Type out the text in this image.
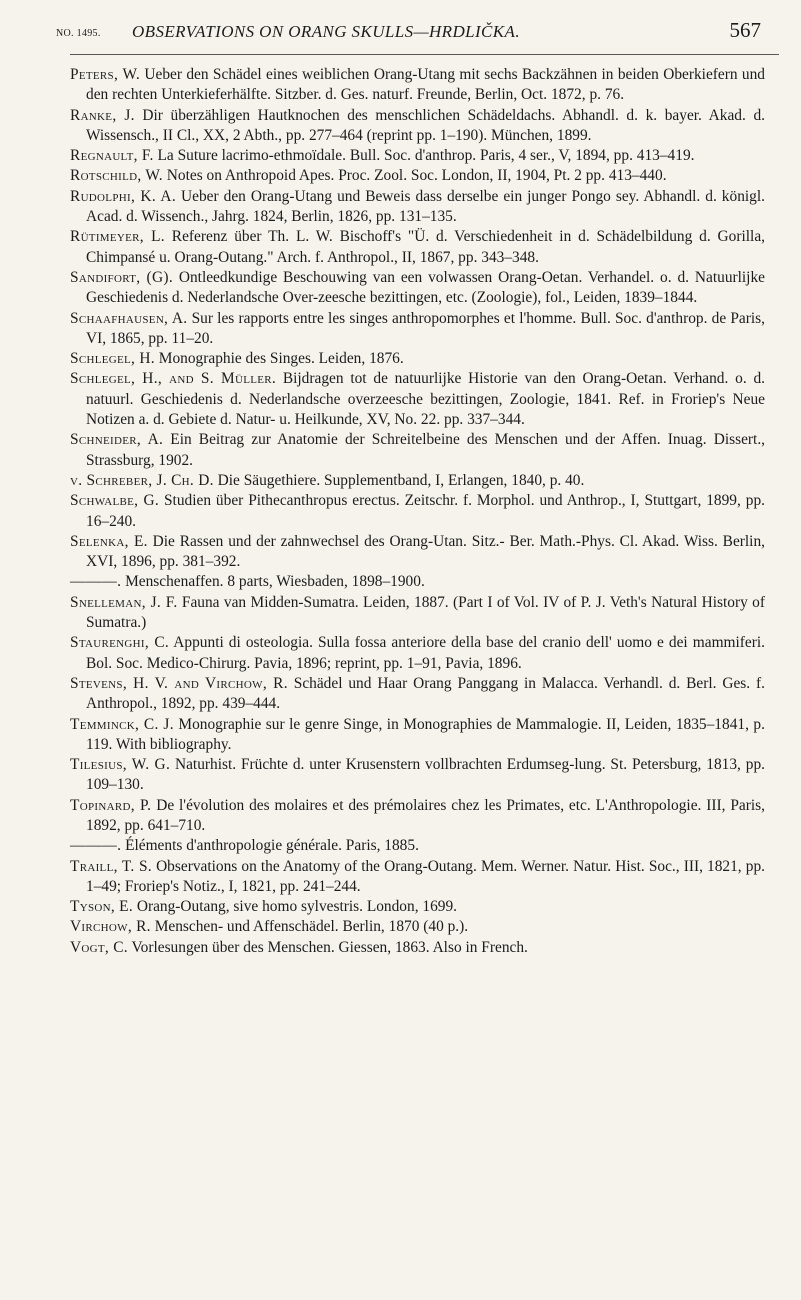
NO. 1495. OBSERVATIONS ON ORANG SKULLS—HRDLIČKA.	567
Peters, W. Ueber den Schädel eines weiblichen Orang-Utang mit sechs Backzähnen in beiden Oberkiefern und den rechten Unterkieferhälfte. Sitzber. d. Ges. naturf. Freunde, Berlin, Oct. 1872, p. 76.
Ranke, J. Dir überzähligen Hautknochen des menschlichen Schädeldachs. Abhandl. d. k. bayer. Akad. d. Wissensch., II Cl., XX, 2 Abth., pp. 277–464 (reprint pp. 1–190). München, 1899.
Regnault, F. La Suture lacrimo-ethmoïdale. Bull. Soc. d'anthrop. Paris, 4 ser., V, 1894, pp. 413–419.
Rotschild, W. Notes on Anthropoid Apes. Proc. Zool. Soc. London, II, 1904, Pt. 2 pp. 413–440.
Rudolphi, K. A. Ueber den Orang-Utang und Beweis dass derselbe ein junger Pongo sey. Abhandl. d. königl. Acad. d. Wissench., Jahrg. 1824, Berlin, 1826, pp. 131–135.
Rütimeyer, L. Referenz über Th. L. W. Bischoff's "Ü. d. Verschiedenheit in d. Schädelbildung d. Gorilla, Chimpansé u. Orang-Outang." Arch. f. Anthropol., II, 1867, pp. 343–348.
Sandifort, (G). Ontleedkundige Beschouwing van een volwassen Orang-Oetan. Verhandel. o. d. Natuurlijke Geschiedenis d. Nederlandsche Over-zeesche bezittingen, etc. (Zoologie), fol., Leiden, 1839–1844.
Schaafhausen, A. Sur les rapports entre les singes anthropomorphes et l'homme. Bull. Soc. d'anthrop. de Paris, VI, 1865, pp. 11–20.
Schlegel, H. Monographie des Singes. Leiden, 1876.
Schlegel, H., and S. Müller. Bijdragen tot de natuurlijke Historie van den Orang-Oetan. Verhand. o. d. natuurl. Geschiedenis d. Nederlandsche overzeesche bezittingen, Zoologie, 1841. Ref. in Froriep's Neue Notizen a. d. Gebiete d. Natur- u. Heilkunde, XV, No. 22. pp. 337–344.
Schneider, A. Ein Beitrag zur Anatomie der Schreitelbeine des Menschen und der Affen. Inuag. Dissert., Strassburg, 1902.
v. Schreber, J. Ch. D. Die Säugethiere. Supplementband, I, Erlangen, 1840, p. 40.
Schwalbe, G. Studien über Pithecanthropus erectus. Zeitschr. f. Morphol. und Anthrop., I, Stuttgart, 1899, pp. 16–240.
Selenka, E. Die Rassen und der zahnwechsel des Orang-Utan. Sitz.- Ber. Math.-Phys. Cl. Akad. Wiss. Berlin, XVI, 1896, pp. 381–392.
———. Menschenaffen. 8 parts, Wiesbaden, 1898–1900.
Snelleman, J. F. Fauna van Midden-Sumatra. Leiden, 1887. (Part I of Vol. IV of P. J. Veth's Natural History of Sumatra.)
Staurenghi, C. Appunti di osteologia. Sulla fossa anteriore della base del cranio dell' uomo e dei mammiferi. Bol. Soc. Medico-Chirurg. Pavia, 1896; reprint, pp. 1–91, Pavia, 1896.
Stevens, H. V. and Virchow, R. Schädel und Haar Orang Panggang in Malacca. Verhandl. d. Berl. Ges. f. Anthropol., 1892, pp. 439–444.
Temminck, C. J. Monographie sur le genre Singe, in Monographies de Mammalogie. II, Leiden, 1835–1841, p. 119. With bibliography.
Tilesius, W. G. Naturhist. Früchte d. unter Krusenstern vollbrachten Erdumseg-lung. St. Petersburg, 1813, pp. 109–130.
Topinard, P. De l'évolution des molaires et des prémolaires chez les Primates, etc. L'Anthropologie. III, Paris, 1892, pp. 641–710.
———. Éléments d'anthropologie générale. Paris, 1885.
Traill, T. S. Observations on the Anatomy of the Orang-Outang. Mem. Werner. Natur. Hist. Soc., III, 1821, pp. 1–49; Froriep's Notiz., I, 1821, pp. 241–244.
Tyson, E. Orang-Outang, sive homo sylvestris. London, 1699.
Virchow, R. Menschen- und Affenschädel. Berlin, 1870 (40 p.).
Vogt, C. Vorlesungen über des Menschen. Giessen, 1863. Also in French.
